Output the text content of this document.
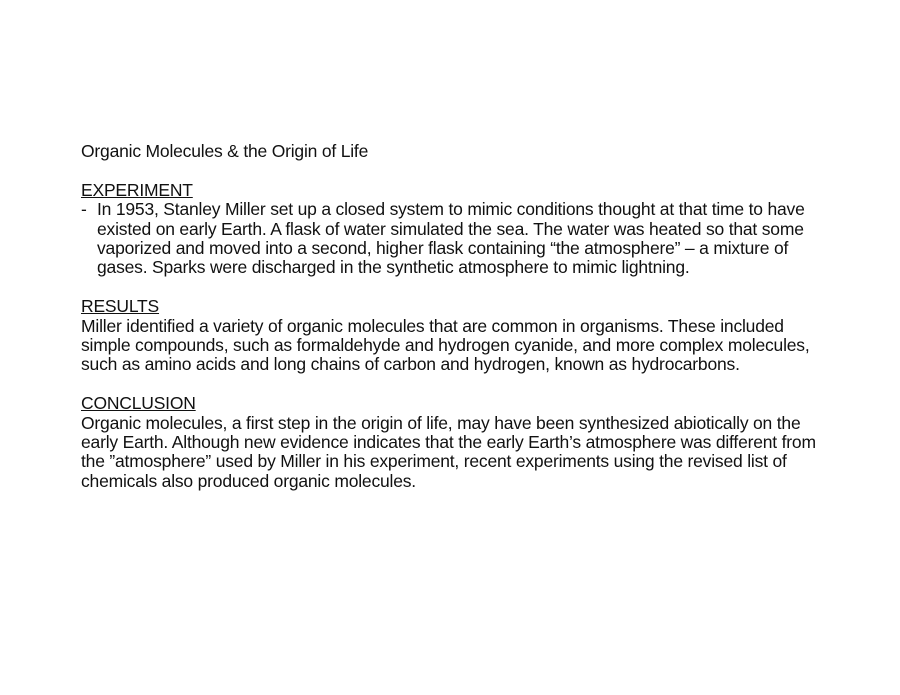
Organic Molecules & the Origin of Life
EXPERIMENT
- In 1953, Stanley Miller set up a closed system to mimic conditions thought at that time to have existed on early Earth. A flask of water simulated the sea. The water was heated so that some vaporized and moved into a second, higher flask containing “the atmosphere” – a mixture of gases. Sparks were discharged in the synthetic atmosphere to mimic lightning.
RESULTS
Miller identified a variety of organic molecules that are common in organisms. These included simple compounds, such as formaldehyde and hydrogen cyanide, and more complex molecules, such as amino acids and long chains of carbon and hydrogen, known as hydrocarbons.
CONCLUSION
Organic molecules, a first step in the origin of life, may have been synthesized abiotically on the early Earth. Although new evidence indicates that the early Earth’s atmosphere was different from the ”atmosphere” used by Miller in his experiment, recent experiments using the revised list of chemicals also produced organic molecules.
